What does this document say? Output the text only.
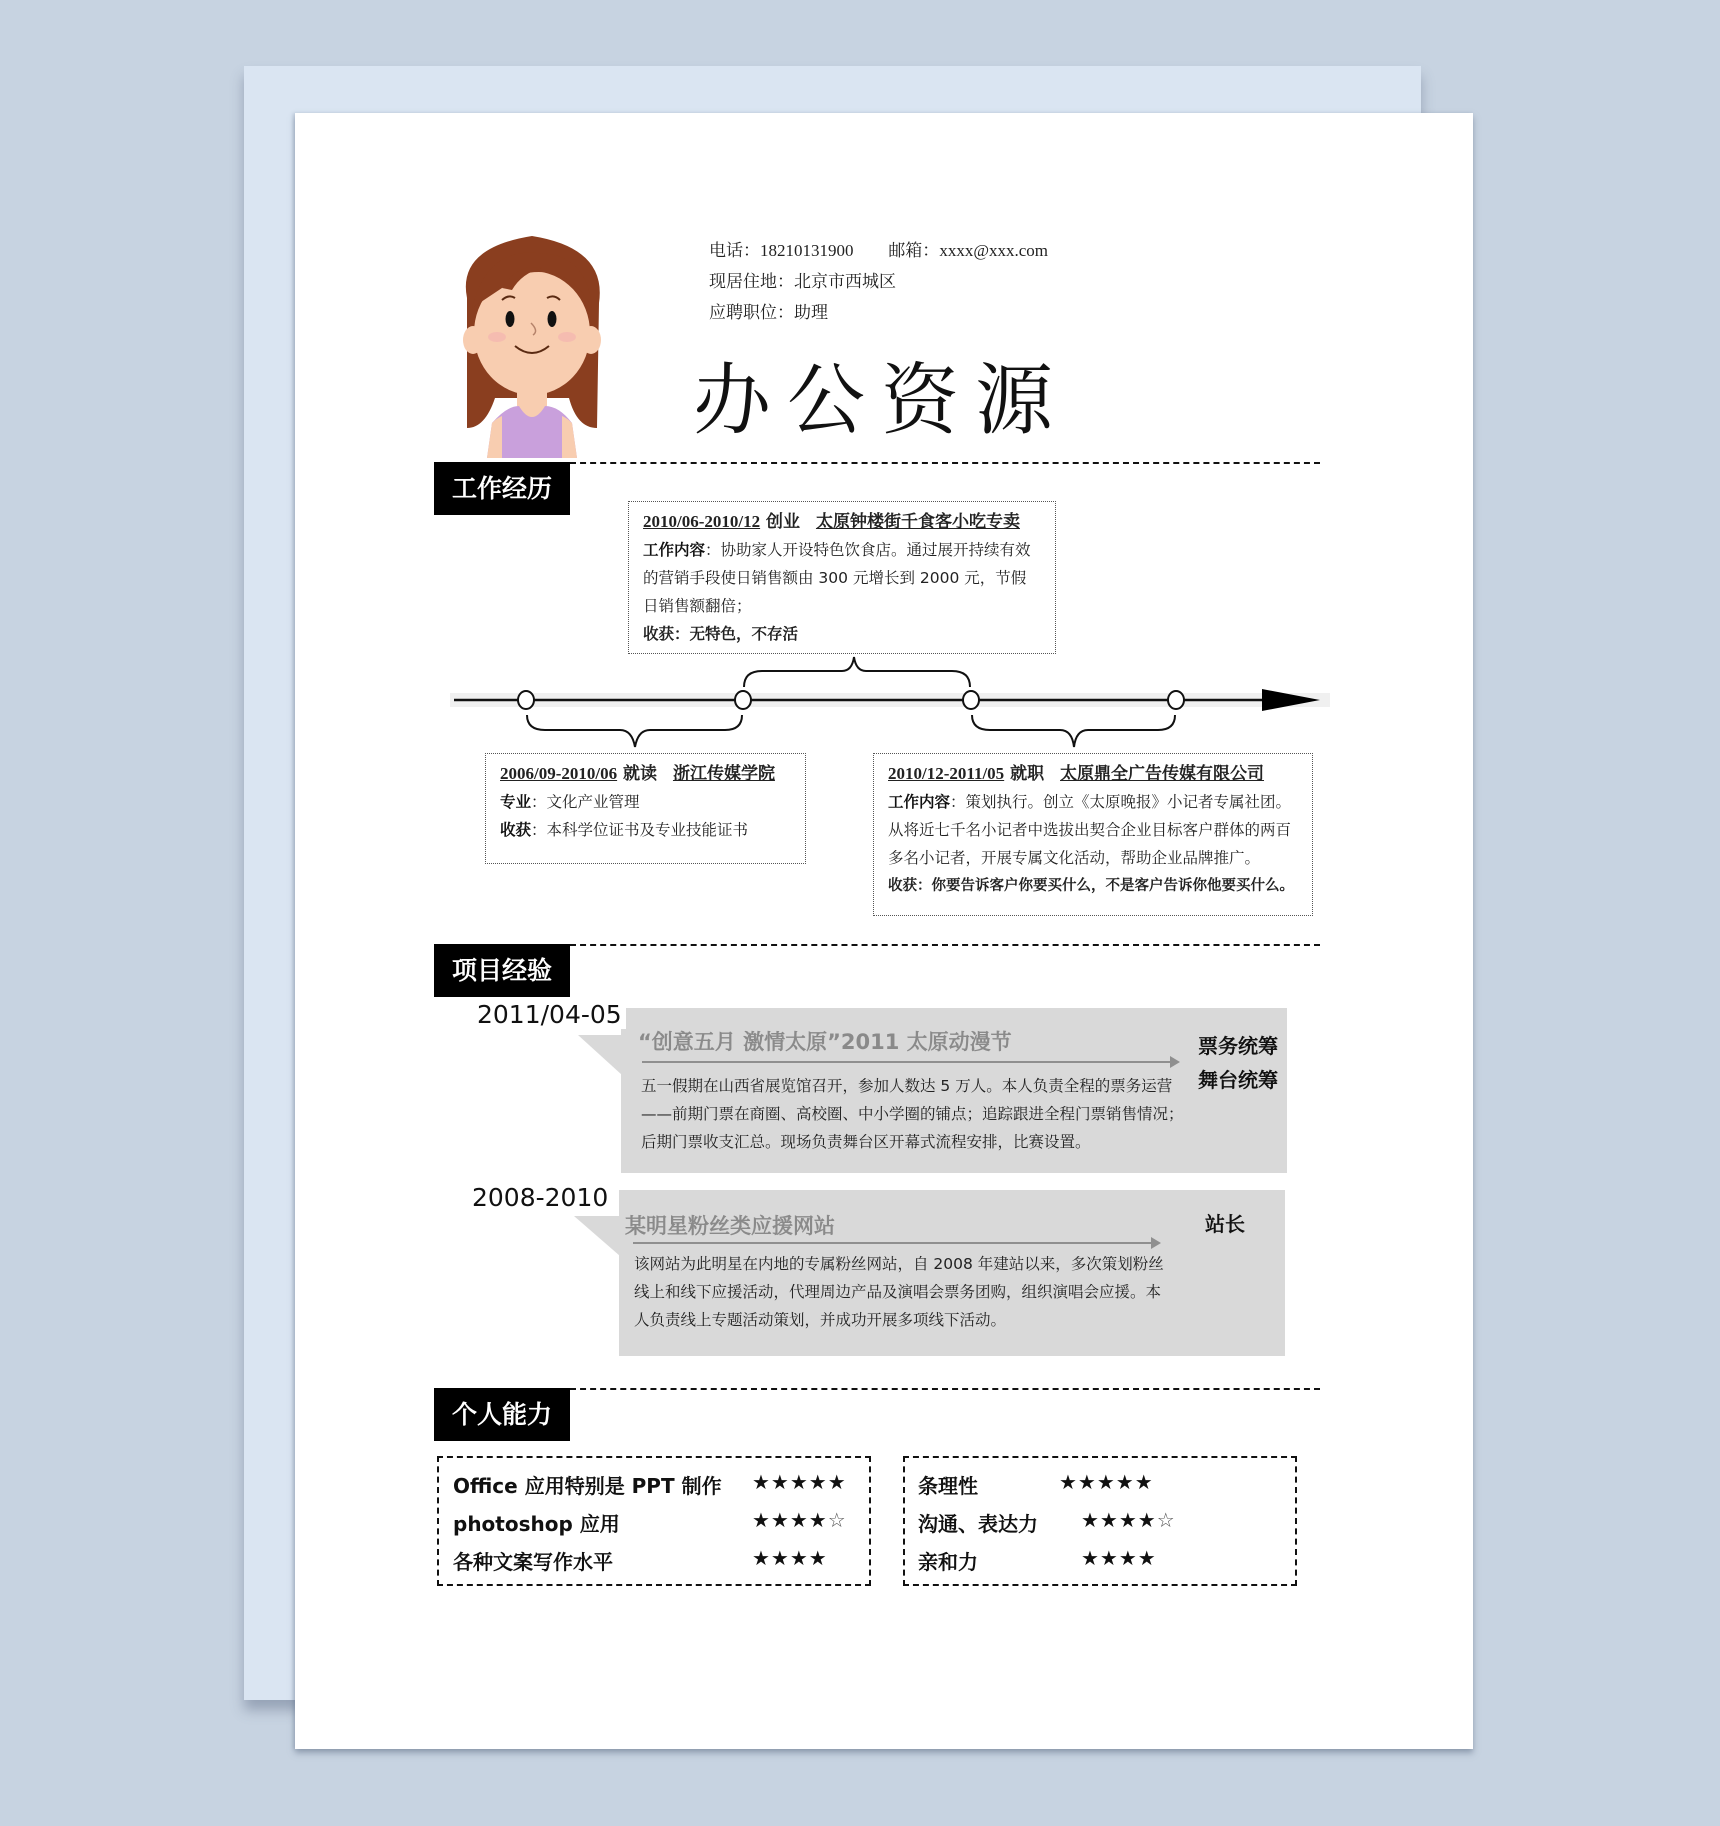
电话：18210131900 邮箱：xxxx@xxx.com
现居住地：北京市西城区
应聘职位：助理
办公资源
工作经历
2010/06-2010/12 创业 太原钟楼街千食客小吃专卖
工作内容：协助家人开设特色饮食店。通过展开持续有效的营销手段使日销售额由 300 元增长到 2000 元，节假日销售额翻倍；
收获：无特色，不存活
2006/09-2010/06 就读 浙江传媒学院
专业：文化产业管理
收获：本科学位证书及专业技能证书
2010/12-2011/05 就职 太原鼎全广告传媒有限公司
工作内容：策划执行。创立《太原晚报》小记者专属社团。从将近七千名小记者中选拔出契合企业目标客户群体的两百多名小记者，开展专属文化活动，帮助企业品牌推广。
收获：你要告诉客户你要买什么，不是客户告诉你他要买什么。
项目经验
2011/04-05
“创意五月 激情太原”2011 太原动漫节
五一假期在山西省展览馆召开，参加人数达 5 万人。本人负责全程的票务运营——前期门票在商圈、高校圈、中小学圈的铺点；追踪跟进全程门票销售情况；后期门票收支汇总。现场负责舞台区开幕式流程安排，比赛设置。
票务统筹
舞台统筹
2008-2010
某明星粉丝类应援网站
该网站为此明星在内地的专属粉丝网站，自 2008 年建站以来，多次策划粉丝线上和线下应援活动，代理周边产品及演唱会票务团购，组织演唱会应援。本人负责线上专题活动策划，并成功开展多项线下活动。
站长
个人能力
Office 应用特别是 PPT 制作 ★★★★★
photoshop 应用	★★★★☆
各种文案写作水平	★★★★
条理性	★★★★★
沟通、表达力 ★★★★☆
亲和力	★★★★
